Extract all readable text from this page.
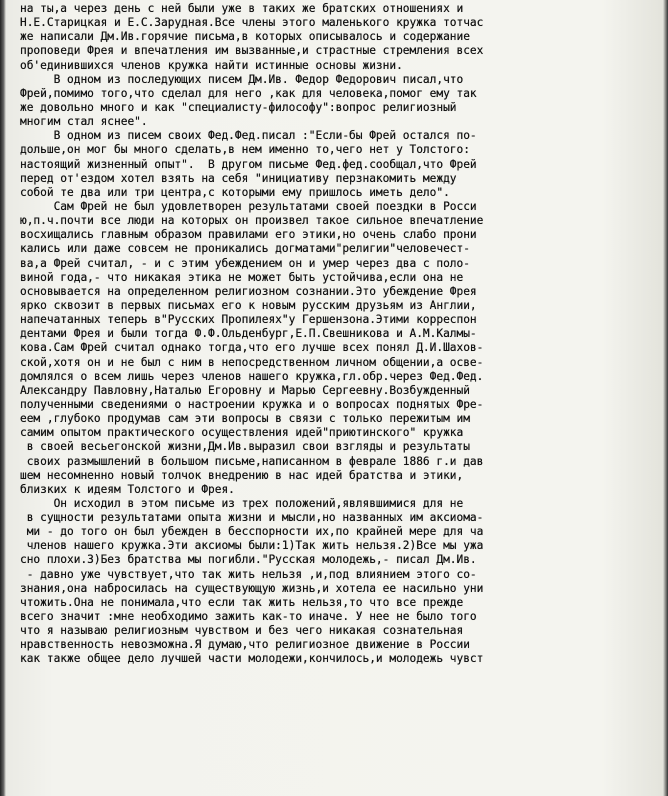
на ты,а через день с ней были уже в таких же братских отношениях и
Н.Е.Старицкая и Е.С.Зарудная.Все члены этого маленького кружка тотчас
же написали Дм.Ив.горячие письма,в которых описывалось и содержание
проповеди Фрея и впечатления им вызванные,и страстные стремления всех
об'единившихся членов кружка найти истинные основы жизни.
В одном из последующих писем Дм.Ив. Федор Федорович писал,что
Фрей,помимо того,что сделал для него ,как для человека,помог ему так
же довольно много и как "специалисту-философу":вопрос религиозный
многим стал яснее".
В одном из писем своих Фед.Фед.писал :"Если-бы Фрей остался по-
дольше,он мог бы много сделать,в нем именно то,чего нет у Толстого:
настоящий жизненный опыт".  В другом письме Фед.фед.сообщал,что Фрей
перед от'ездом хотел взять на себя "инициативу перзнакомить между
собой те два или три центра,с которыми ему пришлось иметь дело".
Сам Фрей не был удовлетворен результатами своей поездки в Росси
ю,п.ч.почти все люди на которых он произвел такое сильное впечатление
восхищались главным образом правилами его этики,но очень слабо прони
кались или даже совсем не проникались догматами"религии"человечест-
ва,а Фрей считал, - и с этим убеждением он и умер через два с поло-
виной года,- что никакая этика не может быть устойчива,если она не
основывается на определенном религиозном сознании.Это убеждение Фрея
ярко сквозит в первых письмах его к новым русским друзьям из Англии,
напечатанных теперь в"Русских Пропилеях"у Гершензона.Этими корреспон
дентами Фрея и были тогда Ф.Ф.Ольденбург,Е.П.Свешникова и А.М.Калмы-
кова.Сам Фрей считал однако тогда,что его лучше всех понял Д.И.Шахов-
ской,хотя он и не был с ним в непосредственном личном общении,а осве-
домлялся о всем лишь через членов нашего кружка,гл.обр.через Фед.Фед.
Александру Павловну,Наталью Егоровну и Марью Сергеевну.Возбужденный
полученными сведениями о настроении кружка и о вопросах поднятых Фре-
еем ,глубоко продумав сам эти вопросы в связи с только пережитым им
самим опытом практического осуществления идей"приютинского" кружка
в своей весьегонской жизни,Дм.Ив.выразил свои взгляды и результаты
своих размышлений в большом письме,написанном в феврале 1886 г.и дав
шем несомненно новый толчок внедрению в нас идей братства и этики,
близких к идеям Толстого и Фрея.
Он исходил в этом письме из трех положений,являвшимися для не
в сущности результатами опыта жизни и мысли,но названных им аксиома-
ми - до того он был убежден в бесспорности их,по крайней мере для ча
членов нашего кружка.Эти аксиомы были:1)Так жить нельзя.2)Все мы ужа
сно плохи.3)Без братства мы погибли."Русская молодежь,- писал Дм.Ив.
- давно уже чувствует,что так жить нельзя ,и,под влиянием этого со-
знания,она набросилась на существующую жизнь,и хотела ее насильно уни
чтожить.Она не понимала,что если так жить нельзя,то что все прежде
всего значит :мне необходимо зажить как-то иначе. У нее не было того
что я называю религиозным чувством и без чего никакая сознательная
нравственность невозможна.Я думаю,что религиозное движение в России
как также общее дело лучшей части молодежи,кончилось,и молодежь чувст
